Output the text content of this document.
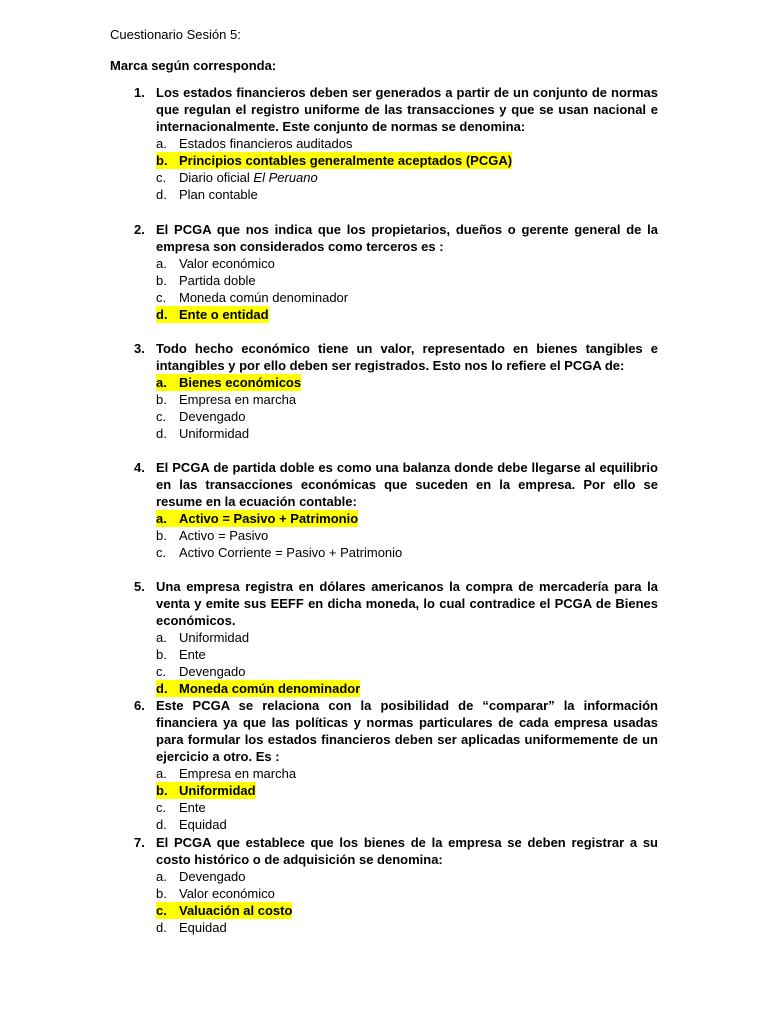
Cuestionario Sesión 5:
Marca según corresponda:
1. Los estados financieros deben ser generados a partir de un conjunto de normas que regulan el registro uniforme de las transacciones y que se usan nacional e internacionalmente. Este conjunto de normas se denomina:
a. Estados financieros auditados
b. Principios contables generalmente aceptados (PCGA)
c. Diario oficial El Peruano
d. Plan contable
2. El PCGA que nos indica que los propietarios, dueños o gerente general de la empresa son considerados como terceros es :
a. Valor económico
b. Partida doble
c. Moneda común denominador
d. Ente o entidad
3. Todo hecho económico tiene un valor, representado en bienes tangibles e intangibles y por ello deben ser registrados. Esto nos lo refiere el PCGA de:
a. Bienes económicos
b. Empresa en marcha
c. Devengado
d. Uniformidad
4. El PCGA de partida doble es como una balanza donde debe llegarse al equilibrio en las transacciones económicas que suceden en la empresa. Por ello se resume en la ecuación contable:
a. Activo = Pasivo + Patrimonio
b. Activo = Pasivo
c. Activo Corriente = Pasivo + Patrimonio
5. Una empresa registra en dólares americanos la compra de mercadería para la venta y emite sus EEFF en dicha moneda, lo cual contradice el PCGA de Bienes económicos.
a. Uniformidad
b. Ente
c. Devengado
d. Moneda común denominador
6. Este PCGA se relaciona con la posibilidad de “comparar” la información financiera ya que las políticas y normas particulares de cada empresa usadas para formular los estados financieros deben ser aplicadas uniformemente de un ejercicio a otro. Es :
a. Empresa en marcha
b. Uniformidad
c. Ente
d. Equidad
7. El PCGA que establece que los bienes de la empresa se deben registrar a su costo histórico o de adquisición se denomina:
a. Devengado
b. Valor económico
c. Valuación al costo
d. Equidad
